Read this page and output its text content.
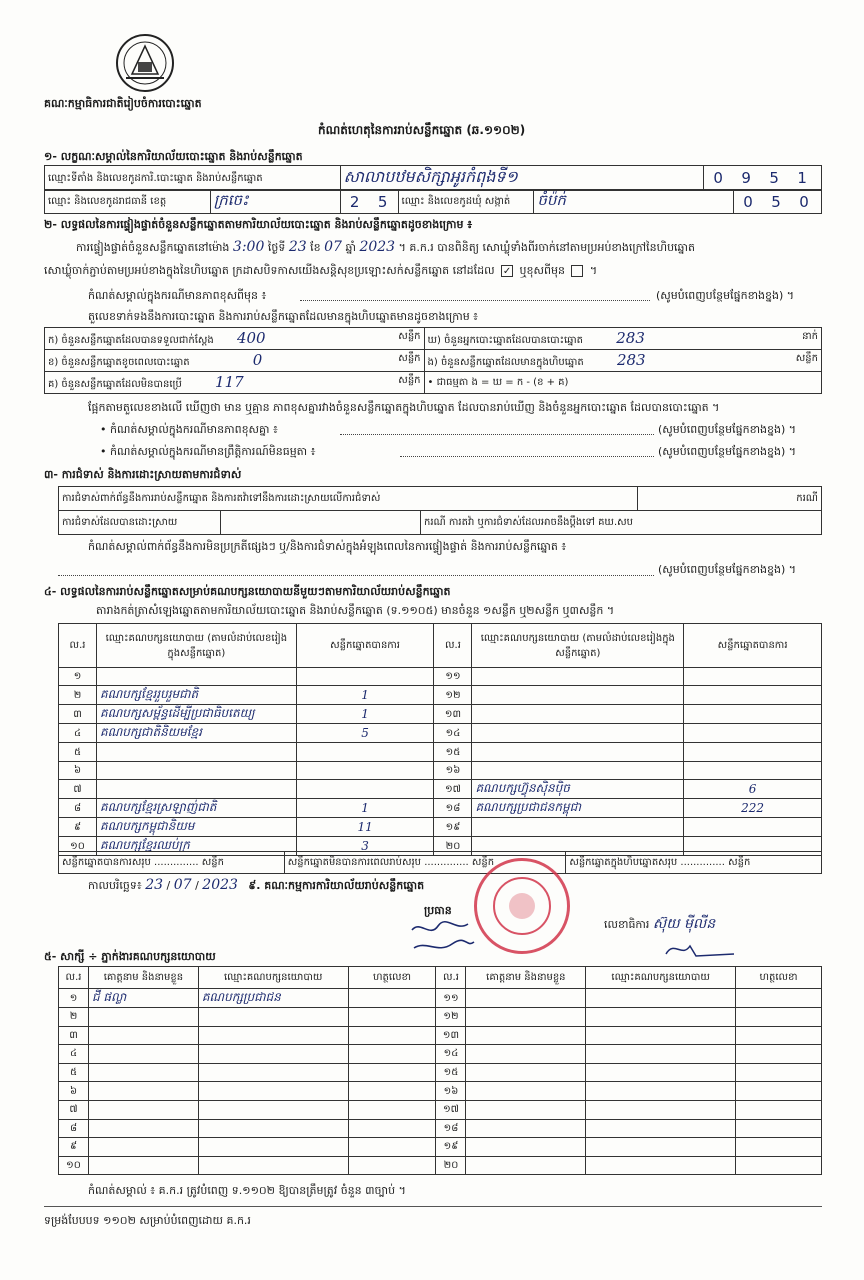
គណៈកម្មាធិការជាតិរៀបចំការបោះឆ្នោត
កំណត់ហេតុនៃការរាប់សន្លឹកឆ្នោត (ឆ.១១០២)
១- លក្ខណៈសម្គាល់នៃការិយាល័យបោះឆ្នោត និងរាប់សន្លឹកឆ្នោត
ឈ្មោះទីតាំង និងលេខកូដការិ.បោះឆ្នោត និងរាប់សន្លឹកឆ្នោត	សាលាបឋមសិក្សាអូរកំពុងទី១	0 9 5 1
ឈ្មោះ និងលេខកូដរាជធានី ខេត្ត	ក្រចេះ	2 5	ឈ្មោះ និងលេខកូដឃុំ សង្កាត់	ចំប៉ក់	0 5 0
២- លទ្ធផលនៃការផ្ទៀងផ្ទាត់ចំនួនសន្លឹកឆ្នោតតាមការិយាល័យបោះឆ្នោត និងរាប់សន្លឹកឆ្នោតដូចខាងក្រោម ៖
ការផ្ទៀងផ្ទាត់ចំនួនសន្លឹកឆ្នោតនៅម៉ោង 3:00 ថ្ងៃទី 23 ខែ 07 ឆ្នាំ 2023 ។ គ.ក.រ បានពិនិត្យ សោឃ្លុំទាំងពីរចាក់នៅតាមប្រអប់ខាងក្រៅនៃហិបឆ្នោត
សោឃ្លុំចាក់ភ្ជាប់តាមប្រអប់ខាងក្នុងនៃហិបឆ្នោត ក្រដាសបិទកាសយើងសន្តិសុខប្រឡោះសក់សន្លឹកឆ្នោត នៅដដែល ✓ ឬខុសពីមុន  ។
កំណត់សម្គាល់ក្នុងករណីមានភាពខុសពីមុន ៖	(សូមបំពេញបន្ថែមផ្នែកខាងខ្នង) ។
តួលេខទាក់ទងនឹងការបោះឆ្នោត និងការរាប់សន្លឹកឆ្នោតដែលមានក្នុងហិបឆ្នោតមានដូចខាងក្រោម ៖
ក) ចំនួនសន្លឹកឆ្នោតដែលបានទទួលជាក់ស្តែង 400 សន្លឹក	ឃ) ចំនួនអ្នកបោះឆ្នោតដែលបានបោះឆ្នោត 283 នាក់

ខ) ចំនួនសន្លឹកឆ្នោតខូចពេលបោះឆ្នោត 0 សន្លឹក	ង) ចំនួនសន្លឹកឆ្នោតដែលមានក្នុងហិបឆ្នោត 283 សន្លឹក

គ) ចំនួនសន្លឹកឆ្នោតដែលមិនបានប្រើ 117 សន្លឹក	• ជាធម្មតា ង = ឃ = ក - (ខ + គ)
ផ្អែកតាមតួលេខខាងលើ ឃើញថា មាន ឬគ្មាន ភាពខុសគ្នារវាងចំនួនសន្លឹកឆ្នោតក្នុងហិបឆ្នោត ដែលបានរាប់ឃើញ និងចំនួនអ្នកបោះឆ្នោត ដែលបានបោះឆ្នោត ។
• កំណត់សម្គាល់ក្នុងករណីមានភាពខុសគ្នា ៖	(សូមបំពេញបន្ថែមផ្នែកខាងខ្នង) ។
• កំណត់សម្គាល់ក្នុងករណីមានព្រឹត្តិការណ៍មិនធម្មតា ៖	(សូមបំពេញបន្ថែមផ្នែកខាងខ្នង) ។
៣- ការជំទាស់ និងការដោះស្រាយតាមការជំទាស់
ការជំទាស់ពាក់ព័ន្ធនឹងការរាប់សន្លឹកឆ្នោត និងការតវ៉ាទៅនឹងការដោះស្រាយលើការជំទាស់			ករណី
ការជំទាស់ដែលបានដោះស្រាយ		ករណី ការតវ៉ា ឬការជំទាស់ដែលអាចនឹងប្តឹងទៅ គឃ.សប	
កំណត់សម្គាល់ពាក់ព័ន្ធនឹងការមិនប្រក្រតីផ្សេងៗ ឬ/និងការជំទាស់ក្នុងអំឡុងពេលនៃការផ្ទៀងផ្ទាត់ និងការរាប់សន្លឹកឆ្នោត ៖
(សូមបំពេញបន្ថែមផ្នែកខាងខ្នង) ។
៤- លទ្ធផលនៃការរាប់សន្លឹកឆ្នោតសម្រាប់គណបក្សនយោបាយនីមួយៗតាមការិយាល័យរាប់សន្លឹកឆ្នោត
តារាងកត់ត្រាសំឡេងឆ្នោតតាមការិយាល័យបោះឆ្នោត និងរាប់សន្លឹកឆ្នោត (ទ.១១០៥) មានចំនួន ១សន្លឹក ឬ២សន្លឹក ឬ៣សន្លឹក ។
ល.រ	ឈ្មោះគណបក្សនយោបាយ (តាមលំដាប់លេខរៀងក្នុងសន្លឹកឆ្នោត)	សន្លឹកឆ្នោតបានការ	ល.រ	ឈ្មោះគណបក្សនយោបាយ (តាមលំដាប់លេខរៀងក្នុងសន្លឹកឆ្នោត)	សន្លឹកឆ្នោតបានការ
១			១១		
២	គណបក្សខ្មែររួបរួមជាតិ	1	១២		
៣	គណបក្សសម្ព័ន្ធដើម្បីប្រជាធិបតេយ្យ	1	១៣		
៤	គណបក្សជាតិនិយមខ្មែរ	5	១៤		
៥			១៥		
៦			១៦		
៧			១៧	គណបក្សហ៊្វុនស៊ិនប៉ិច	6
៨	គណបក្សខ្មែរស្រឡាញ់ជាតិ	1	១៨	គណបក្សប្រជាជនកម្ពុជា	222
៩	គណបក្សកម្ពុជានិយម	11	១៩		
១០	គណបក្សខ្មែរឈប់ក្រ	3	២០		
សន្លឹកឆ្នោតបានការសរុប .............. សន្លឹក	សន្លឹកឆ្នោតមិនបានការពេលរាប់សរុប .............. សន្លឹក	សន្លឹកឆ្នោតក្នុងហិបឆ្នោតសរុប .............. សន្លឹក
កាលបរិច្ឆេទ៖ 23 / 07 / 2023 ៩. គណៈកម្មការការិយាល័យរាប់សន្លឹកឆ្នោត
ប្រធាន
លេខាធិការ ស៊ុយ ម៉ីលីន
៥- សាក្សី ÷ ភ្នាក់ងារគណបក្សនយោបាយ
ល.រ	គោត្តនាម និងនាមខ្លួន	ឈ្មោះគណបក្សនយោបាយ	ហត្ថលេខា	ល.រ	គោត្តនាម និងនាមខ្លួន	ឈ្មោះគណបក្សនយោបាយ	ហត្ថលេខា
១	ជី ផល្លា	គណបក្សប្រជាជន		១១			
២				១២			
៣				១៣			
៤				១៤			
៥				១៥			
៦				១៦			
៧				១៧			
៨				១៨			
៩				១៩			
១០				២០			
កំណត់សម្គាល់ ៖ គ.ក.រ ត្រូវបំពេញ ទ.១១០២ ឱ្យបានត្រឹមត្រូវ ចំនួន ៣ច្បាប់ ។
ទម្រង់បែបបទ ១១០២ សម្រាប់បំពេញដោយ គ.ក.រ
